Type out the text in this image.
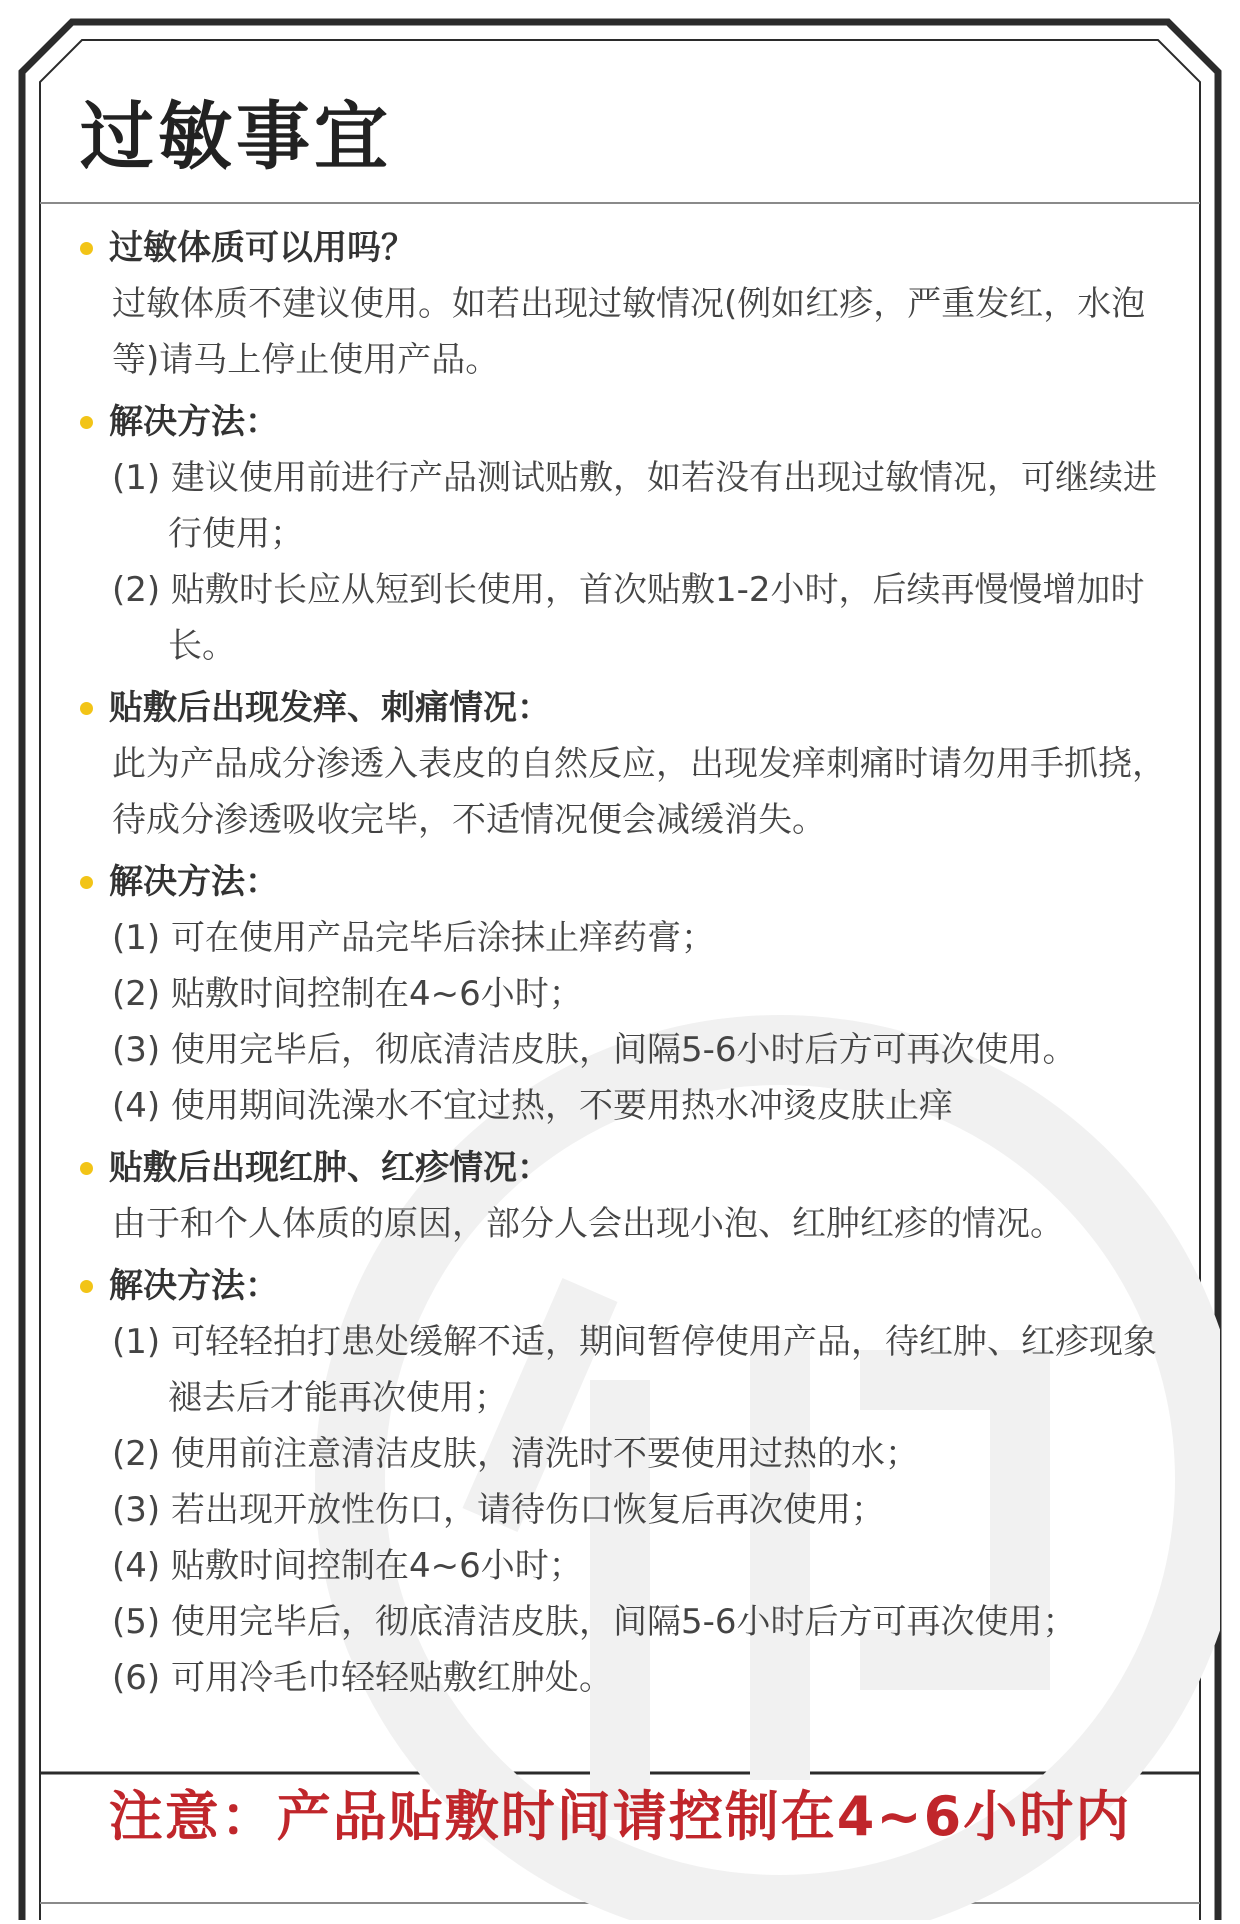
过敏事宜
过敏体质可以用吗？
过敏体质不建议使用。如若出现过敏情况(例如红疹，严重发红，水泡等)请马上停止使用产品。
解决方法：
(1) 建议使用前进行产品测试贴敷，如若没有出现过敏情况，可继续进行使用；
(2) 贴敷时长应从短到长使用，首次贴敷1-2小时，后续再慢慢增加时长。
贴敷后出现发痒、刺痛情况：
此为产品成分渗透入表皮的自然反应，出现发痒刺痛时请勿用手抓挠，待成分渗透吸收完毕，不适情况便会减缓消失。
解决方法：
(1) 可在使用产品完毕后涂抹止痒药膏；
(2) 贴敷时间控制在4~6小时；
(3) 使用完毕后，彻底清洁皮肤，间隔5-6小时后方可再次使用。
(4) 使用期间洗澡水不宜过热，不要用热水冲烫皮肤止痒
贴敷后出现红肿、红疹情况：
由于和个人体质的原因，部分人会出现小泡、红肿红疹的情况。
解决方法：
(1) 可轻轻拍打患处缓解不适，期间暂停使用产品，待红肿、红疹现象褪去后才能再次使用；
(2) 使用前注意清洁皮肤，清洗时不要使用过热的水；
(3) 若出现开放性伤口，请待伤口恢复后再次使用；
(4) 贴敷时间控制在4~6小时；
(5) 使用完毕后，彻底清洁皮肤，间隔5-6小时后方可再次使用；
(6) 可用冷毛巾轻轻贴敷红肿处。
注意：产品贴敷时间请控制在4~6小时内
